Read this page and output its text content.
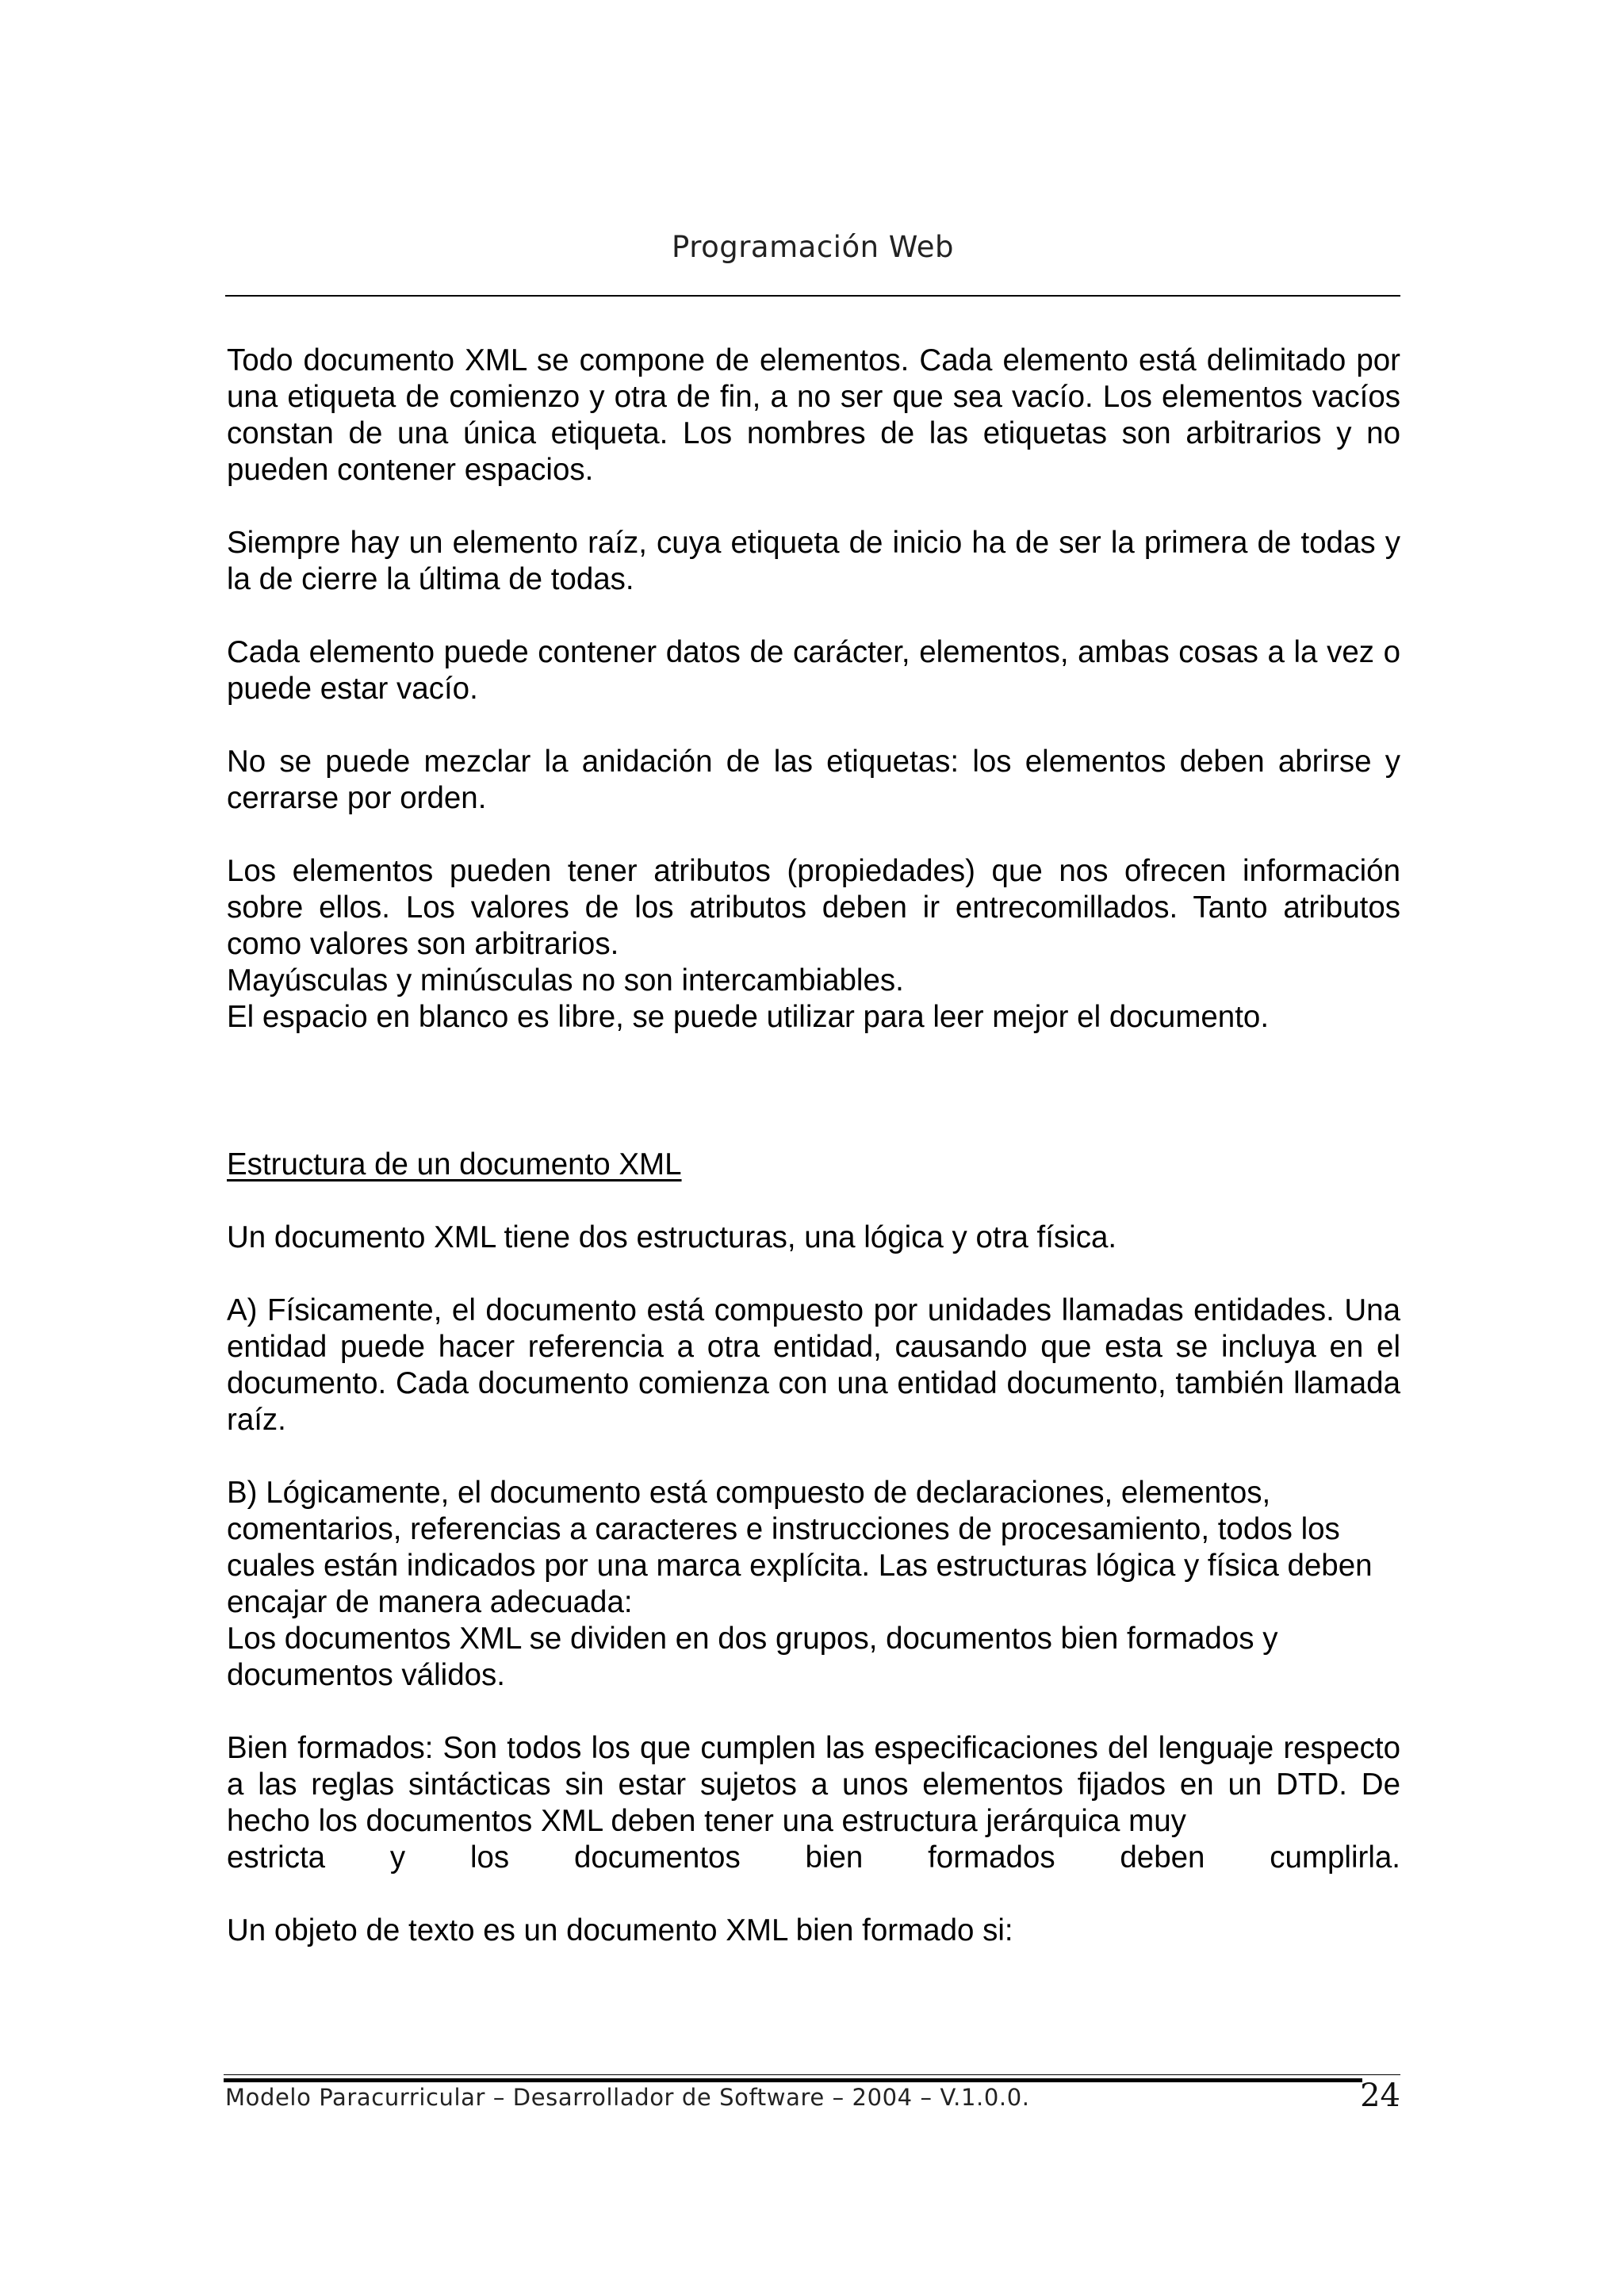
Programación Web

Todo documento XML se compone de elementos. Cada elemento está delimitado por una etiqueta de comienzo y otra de fin, a no ser que sea vacío. Los elementos vacíos constan de una única etiqueta. Los nombres de las etiquetas son arbitrarios y no pueden contener espacios.

Siempre hay un elemento raíz, cuya etiqueta de inicio ha de ser la primera de todas y la de cierre la última de todas.

Cada elemento puede contener datos de carácter, elementos, ambas cosas a la vez o puede estar vacío.

No se puede mezclar la anidación de las etiquetas: los elementos deben abrirse y cerrarse por orden.

Los elementos pueden tener atributos (propiedades) que nos ofrecen información sobre ellos. Los valores de los atributos deben ir entrecomillados. Tanto atributos como valores son arbitrarios.
Mayúsculas y minúsculas no son intercambiables.
El espacio en blanco es libre, se puede utilizar para leer mejor el documento.

Estructura de un documento XML

Un documento XML tiene dos estructuras, una lógica y otra física.

A) Físicamente, el documento está compuesto por unidades llamadas entidades. Una entidad puede hacer referencia a otra entidad, causando que esta se incluya en el documento. Cada documento comienza con una entidad documento, también llamada raíz.

B) Lógicamente, el documento está compuesto de declaraciones, elementos, comentarios, referencias a caracteres e instrucciones de procesamiento, todos los cuales están indicados por una marca explícita. Las estructuras lógica y física deben encajar de manera adecuada:
Los documentos XML se dividen en dos grupos, documentos bien formados y documentos válidos.

Bien formados: Son todos los que cumplen las especificaciones del lenguaje respecto a las reglas sintácticas sin estar sujetos a unos elementos fijados en un DTD. De hecho los documentos XML deben tener una estructura jerárquica muy
estricta y los documentos bien formados deben cumplirla.

Un objeto de texto es un documento XML bien formado si:

Modelo Paracurricular – Desarrollador de Software – 2004 – V.1.0.0.	24
